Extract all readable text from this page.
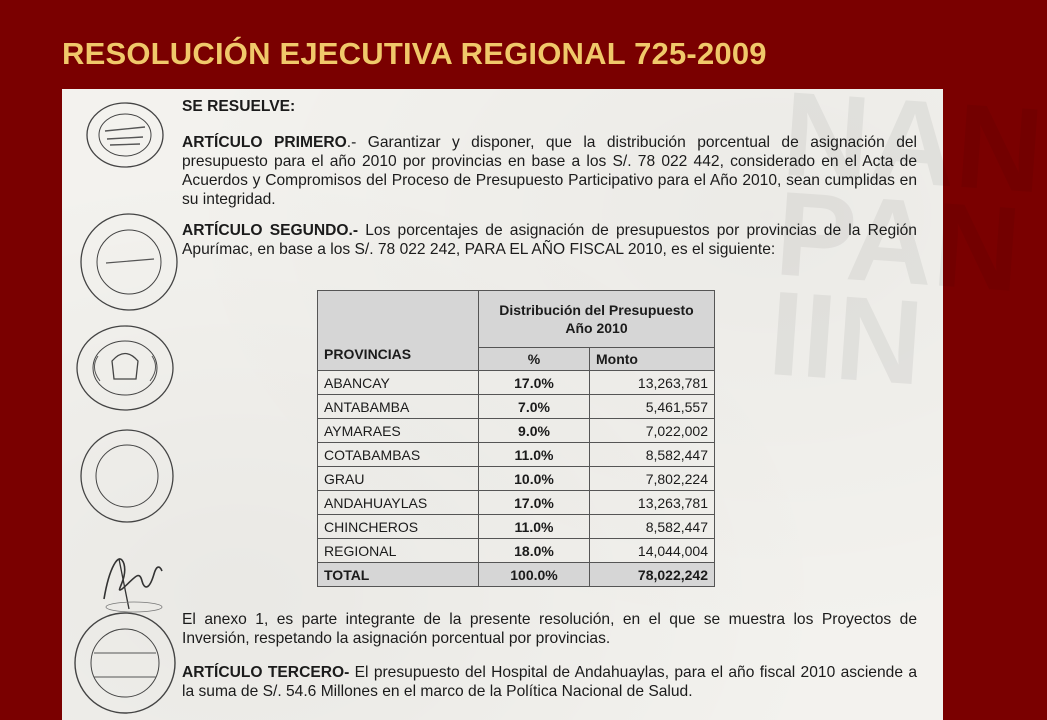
RESOLUCIÓN EJECUTIVA REGIONAL 725-2009
NAN PAN IIN
SE RESUELVE:
ARTÍCULO PRIMERO.- Garantizar y disponer, que la distribución porcentual de asignación del presupuesto para el año 2010 por provincias en base a los S/. 78 022 442, considerado en el Acta de Acuerdos y Compromisos del Proceso de Presupuesto Participativo para el Año 2010, sean cumplidas en su integridad.
ARTÍCULO SEGUNDO.- Los porcentajes de asignación de presupuestos por provincias de la Región Apurímac, en base a los S/. 78 022 242, PARA EL AÑO FISCAL 2010, es el siguiente:
PROVINCIAS	Distribución del Presupuesto Año 2010	
	%	Monto
ABANCAY	17.0%	13,263,781
ANTABAMBA	7.0%	5,461,557
AYMARAES	9.0%	7,022,002
COTABAMBAS	11.0%	8,582,447
GRAU	10.0%	7,802,224
ANDAHUAYLAS	17.0%	13,263,781
CHINCHEROS	11.0%	8,582,447
REGIONAL	18.0%	14,044,004
TOTAL	100.0%	78,022,242
El anexo 1, es parte integrante de la presente resolución, en el que se muestra los Proyectos de Inversión, respetando la asignación porcentual por provincias.
ARTÍCULO TERCERO- El presupuesto del Hospital de Andahuaylas, para el año fiscal 2010 asciende a la suma de S/. 54.6 Millones en el marco de la Política Nacional de Salud.
